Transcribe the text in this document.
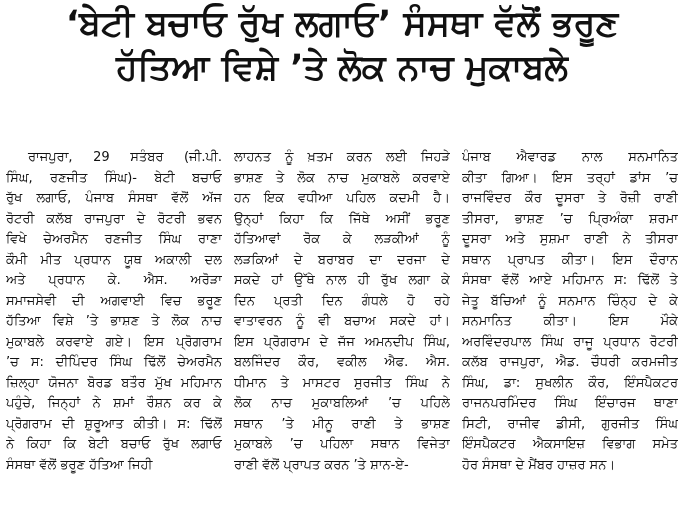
‘ਬੇਟੀ ਬਚਾਓ ਰੁੱਖ ਲਗਾਓ’ ਸੰਸਥਾ ਵੱਲੋਂ ਭਰੂਣ
ਹੱਤਿਆ ਵਿਸ਼ੇ ’ਤੇ ਲੋਕ ਨਾਚ ਮੁਕਾਬਲੇ
ਰਾਜਪੁਰਾ, 29 ਸਤੰਬਰ (ਜੀ.ਪੀ.
ਸਿੰਘ, ਰਣਜੀਤ ਸਿੰਘ)- ਬੇਟੀ ਬਚਾਓ
ਰੁੱਖ ਲਗਾਓ, ਪੰਜਾਬ ਸੰਸਥਾ ਵੱਲੋਂ ਅੱਜ
ਰੋਟਰੀ ਕਲੱਬ ਰਾਜਪੁਰਾ ਦੇ ਰੋਟਰੀ ਭਵਨ
ਵਿਖੇ ਚੇਅਰਮੈਨ ਰਣਜੀਤ ਸਿੰਘ ਰਾਣਾ
ਕੌਮੀ ਮੀਤ ਪ੍ਰਧਾਨ ਯੂਥ ਅਕਾਲੀ ਦਲ
ਅਤੇ ਪ੍ਰਧਾਨ ਕੇ. ਐਸ. ਅਰੋੜਾ
ਸਮਾਜਸੇਵੀ ਦੀ ਅਗਵਾਈ ਵਿਚ ਭਰੂਣ
ਹੱਤਿਆ ਵਿਸ਼ੇ ’ਤੇ ਭਾਸ਼ਣ ਤੇ ਲੋਕ ਨਾਚ
ਮੁਕਾਬਲੇ ਕਰਵਾਏ ਗਏ। ਇਸ ਪ੍ਰੋਗਰਾਮ
’ਚ ਸ: ਦੀਪਿੰਦਰ ਸਿੰਘ ਢਿੱਲੋਂ ਚੇਅਰਮੈਨ
ਜ਼ਿਲ੍ਹਾ ਯੋਜਨਾ ਬੋਰਡ ਬਤੌਰ ਮੁੱਖ ਮਹਿਮਾਨ
ਪਹੁੰਚੇ, ਜਿਨ੍ਹਾਂ ਨੇ ਸ਼ਮਾਂ ਰੌਸ਼ਨ ਕਰ ਕੇ
ਪ੍ਰੋਗਰਾਮ ਦੀ ਸ਼ੁਰੂਆਤ ਕੀਤੀ। ਸ: ਢਿੱਲੋਂ
ਨੇ ਕਿਹਾ ਕਿ ਬੇਟੀ ਬਚਾਓ ਰੁੱਖ ਲਗਾਓ
ਸੰਸਥਾ ਵੱਲੋਂ ਭਰੂਣ ਹੱਤਿਆ ਜਿਹੀ
ਲਾਹਨਤ ਨੂੰ ਖ਼ਤਮ ਕਰਨ ਲਈ ਜਿਹੜੇ
ਭਾਸ਼ਣ ਤੇ ਲੋਕ ਨਾਚ ਮੁਕਾਬਲੇ ਕਰਵਾਏ
ਹਨ ਇਕ ਵਧੀਆ ਪਹਿਲ ਕਦਮੀ ਹੈ।
ਉਨ੍ਹਾਂ ਕਿਹਾ ਕਿ ਜਿੱਥੇ ਅਸੀਂ ਭਰੂਣ
ਹੱਤਿਆਵਾਂ ਰੋਕ ਕੇ ਲੜਕੀਆਂ ਨੂੰ
ਲੜਕਿਆਂ ਦੇ ਬਰਾਬਰ ਦਾ ਦਰਜਾ ਦੇ
ਸਕਦੇ ਹਾਂ ਉੱਥੇ ਨਾਲ ਹੀ ਰੁੱਖ ਲਗਾ ਕੇ
ਦਿਨ ਪ੍ਰਤੀ ਦਿਨ ਗੰਧਲੇ ਹੋ ਰਹੇ
ਵਾਤਾਵਰਨ ਨੂੰ ਵੀ ਬਚਾਅ ਸਕਦੇ ਹਾਂ।
ਇਸ ਪ੍ਰੋਗਰਾਮ ਦੇ ਜੱਜ ਅਮਨਦੀਪ ਸਿੰਘ,
ਬਲਜਿੰਦਰ ਕੌਰ, ਵਕੀਲ ਐਫ. ਐਸ.
ਧੀਮਾਨ ਤੇ ਮਾਸਟਰ ਸੁਰਜੀਤ ਸਿੰਘ ਨੇ
ਲੋਕ ਨਾਚ ਮੁਕਾਬਲਿਆਂ ’ਚ ਪਹਿਲੇ
ਸਥਾਨ ’ਤੇ ਮੀਨੂ ਰਾਣੀ ਤੇ ਭਾਸ਼ਣ
ਮੁਕਾਬਲੇ ’ਚ ਪਹਿਲਾ ਸਥਾਨ ਵਿਜੇਤਾ
ਰਾਣੀ ਵੱਲੋਂ ਪ੍ਰਾਪਤ ਕਰਨ ’ਤੇ ਸ਼ਾਨ-ਏ-
ਪੰਜਾਬ ਐਵਾਰਡ ਨਾਲ ਸਨਮਾਨਿਤ
ਕੀਤਾ ਗਿਆ। ਇਸ ਤਰ੍ਹਾਂ ਡਾਂਸ ’ਚ
ਰਾਜਵਿੰਦਰ ਕੌਰ ਦੂਸਰਾ ਤੇ ਰੋਜ਼ੀ ਰਾਣੀ
ਤੀਸਰਾ, ਭਾਸ਼ਣ ’ਚ ਪ੍ਰਿਅੰਕਾ ਸ਼ਰਮਾ
ਦੂਸਰਾ ਅਤੇ ਸੁਸ਼ਮਾ ਰਾਣੀ ਨੇ ਤੀਸਰਾ
ਸਥਾਨ ਪ੍ਰਾਪਤ ਕੀਤਾ। ਇਸ ਦੌਰਾਨ
ਸੰਸਥਾ ਵੱਲੋਂ ਆਏ ਮਹਿਮਾਨ ਸ: ਢਿੱਲੋਂ ਤੇ
ਜੇਤੂ ਬੱਚਿਆਂ ਨੂੰ ਸਨਮਾਨ ਚਿੰਨ੍ਹ ਦੇ ਕੇ
ਸਨਮਾਨਿਤ ਕੀਤਾ। ਇਸ ਮੌਕੇ
ਅਰਵਿੰਦਰਪਾਲ ਸਿੰਘ ਰਾਜੂ ਪ੍ਰਧਾਨ ਰੋਟਰੀ
ਕਲੱਬ ਰਾਜਪੁਰਾ, ਐਡ. ਚੌਧਰੀ ਕਰਮਜੀਤ
ਸਿੰਘ, ਡਾ: ਸੁਖਲੀਨ ਕੌਰ, ਇੰਸਪੈਕਟਰ
ਰਾਜਨਪਰਮਿੰਦਰ ਸਿੰਘ ਇੰਚਾਰਜ ਥਾਣਾ
ਸਿਟੀ, ਰਾਜੀਵ ਡੀਸੀ, ਗੁਰਜੀਤ ਸਿੰਘ
ਇੰਸਪੈਕਟਰ ਐਕਸਾਇਜ਼ ਵਿਭਾਗ ਸਮੇਤ
ਹੋਰ ਸੰਸਥਾ ਦੇ ਮੈਂਬਰ ਹਾਜ਼ਰ ਸਨ।
